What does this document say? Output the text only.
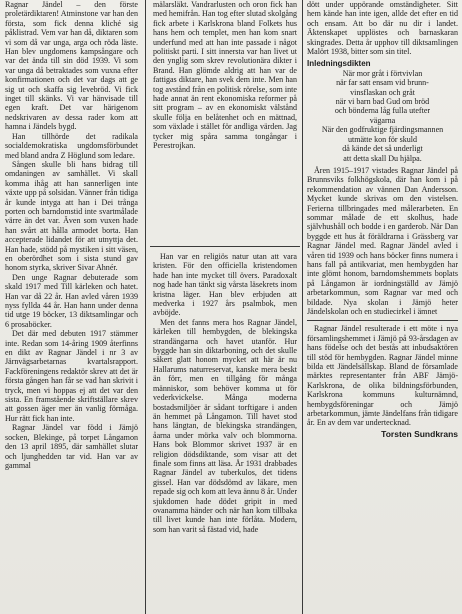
Ragnar Jändel – den förste proletärdiktaren! Atminstone var han den första, som fick denna kliché sig påklistrad. Vem var han då, diktaren som vi som då var unga, arga och röda läste. Han blev ungdomens kampsångare och var det ända till sin död 1939. Vi som var unga då betraktades som vuxna efter konfirmationen och det var dags att ge sig ut och skaffa sig levebröd. Vi fick inget till skänks. Vi var hänvisade till egen kraft. Det var härigenom nedskrivaren av dessa rader kom att hamna i Jändels bygd.

Han tillhörde det radikala socialdemokratiska ungdomsförbundet med bland andra Z Höglund som ledare.

Sången skulle bli hans bidrag till omdaningen av samhället. Vi skall komma ihåg att han sannerligen inte växte upp på solsidan. Vänner från tidiga år kunde intyga att han i Dei trånga porten och barndomstid inte svartmålade värre än det var. Även som vuxen hade han svårt att hålla armodet borta. Han accepterade lidandet för att utnyttja det. Han hade, stödd på mystiken i sitt väsen, en oberördhet som i sista stund gav honom styrka, skriver Sivar Ahnér.

Den unge Ragnar debuterade som skald 1917 med Till kärleken och hatet. Han var då 22 år. Han avled våren 1939 nyss fyllda 44 år. Han hann under denna tid utge 19 böcker, 13 diktsamlingar och 6 prosaböcker.

Det där med debuten 1917 stämmer inte. Redan som 14-åring 1909 återfinns en dikt av Ragnar Jändel i nr 3 av Järnvägsarbetarnas kvartalsrapport. Fackföreningens redaktör skrev att det är första gången han får se vad han skrivit i tryck, men vi hoppas ej att det var den sista. En framstående skriftställare skrev att gossen äger mer än vanlig förmåga. Hur rätt fick han inte.

Ragnar Jändel var född i Jämjö socken, Blekinge, på torpet Långamon den 13 april 1895, där samhället slutar och ljunghedden tar vid. Han var av gammal

mälarsläkt. Vandrarlusten och oron fick han med hemifrån. Han tog efter slutad skolgång fick arbete i Karlskrona bland Folkets hus hans hem och templet, men han kom snart underfund med att han inte passade i något politiskt parti. I sitt innersta var han livet ut den ynglig som skrev revolutionära dikter i Brand. Han glömde aldrig att han var de fattigas diktare, han svek dem inte. Men han tog avstånd från en politisk rörelse, som inte hade annat än rent ekonomiska reformer på sitt program – av en ekonomiskt välstånd skulle följa en belåtenhet och en mättnad, som växlade i stället för andliga värden. Jag tycker mig spåra samma tongångar i Perestrojkan.

Han var en religiös natur utan att vara kristen. För den officiella kristendomen hade han inte mycket till övers. Paradoxalt nog hade han tänkt sig vårsta läsekrets inom kristna läger. Han blev erbjuden att medverka i 1927 års psalmbok, men avböjde.

Men det fanns mera hos Ragnar Jändel, kärleken till hembygden, de blekingska strandängarna och havet utanför. Hur byggde han sin diktarboning, och det skulle säkert glatt honom mycket att här är nu Hallarums naturreservat, kanske mera beskt än förr, men en tillgång för många människor, som behöver komma ut för vederkvickelse. Många moderna bostadsmiljöer är sådant torftigare i anden än hemmet på Långamon. Till havet stod hans längtan, de blekingska strandängen, åarna under mörka valv och blommorna. Hans bok Blommor skrivet 1937 är en religion dödsdiktande, som visar att det finale som finns att läsa. År 1931 drabbades Ragnar Jändel av tuberkulos, det tidens gissel. Han var dödsdömd av läkare, men repade sig och kom att leva ännu 8 år. Under sjukdomen hade dödet gripit in med ovanamma händer och när han kom tillbaka till livet kunde han inte förlåta. Modern, som han varit så fästad vid, hade

dött under uppörande omständigheter. Sitt hem kände han inte igen, allde det efter en tid och ensam. Att bo där nu dir i landet. Äktenskapet upplöstes och barnaskaran skingrades. Detta år upphov till diktsamlingen Malört 1938, bitter som sin titel.

Inledningsdikten
När mor gråt i förtvivlan
när far satt ensam vid brunn-
vinsflaskan och gråt
när vi barn bad Gud om bröd
och bönderna låg fulla utefter
vägarna
När den godfruktige fjärdingsmannen
utmätte kon för skuld
då kände det så underligt
att detta skall Du hjälpa.

Åren 1915–1917 vistades Ragnar Jändel på Brunnsviks folkhögskola, där han kom i på rekommendation av vännen Dan Andersson. Mycket kunde skrivas om den vistelsen. Ferierna tillbringades med målerarbeten. En sommar målade de ett skolhus, hade självhushåll och bodde i en garderob. När Dan byggde ett hus åt föräldrarna i Grässberg var Ragnar Jändel med. Ragnar Jändel avled i våren tid 1939 och hans böcker finns numera i hans fall på antikvariat, men hembygden har inte glömt honom, barndomshemmets boplats på Långamon är iordningställd av Jämjö arbetarkommun, som Ragnar var med och bildade. Nya skolan i Jämjö heter Jändelskolan och en studiecirkel i ämnet

Ragnar Jändel resulterade i ett möte i nya församlingshemmet i Jämjö på 93-årsdagen av hans födelse och det bestås att inbudsaktören till stöd för hembygden. Ragnar Jändel minne bilda ett Jändelsällskap. Bland de församlade märktes representanter från ABF Jämjö-Karlskrona, de olika bildningsförbunden, Karlskrona kommuns kulturnämnd, hembygdsföreningar och Jämjö arbetarkommun, jämte Jändelfans från tidigare år. En av dem var undertecknad.

Torsten Sundkrans
